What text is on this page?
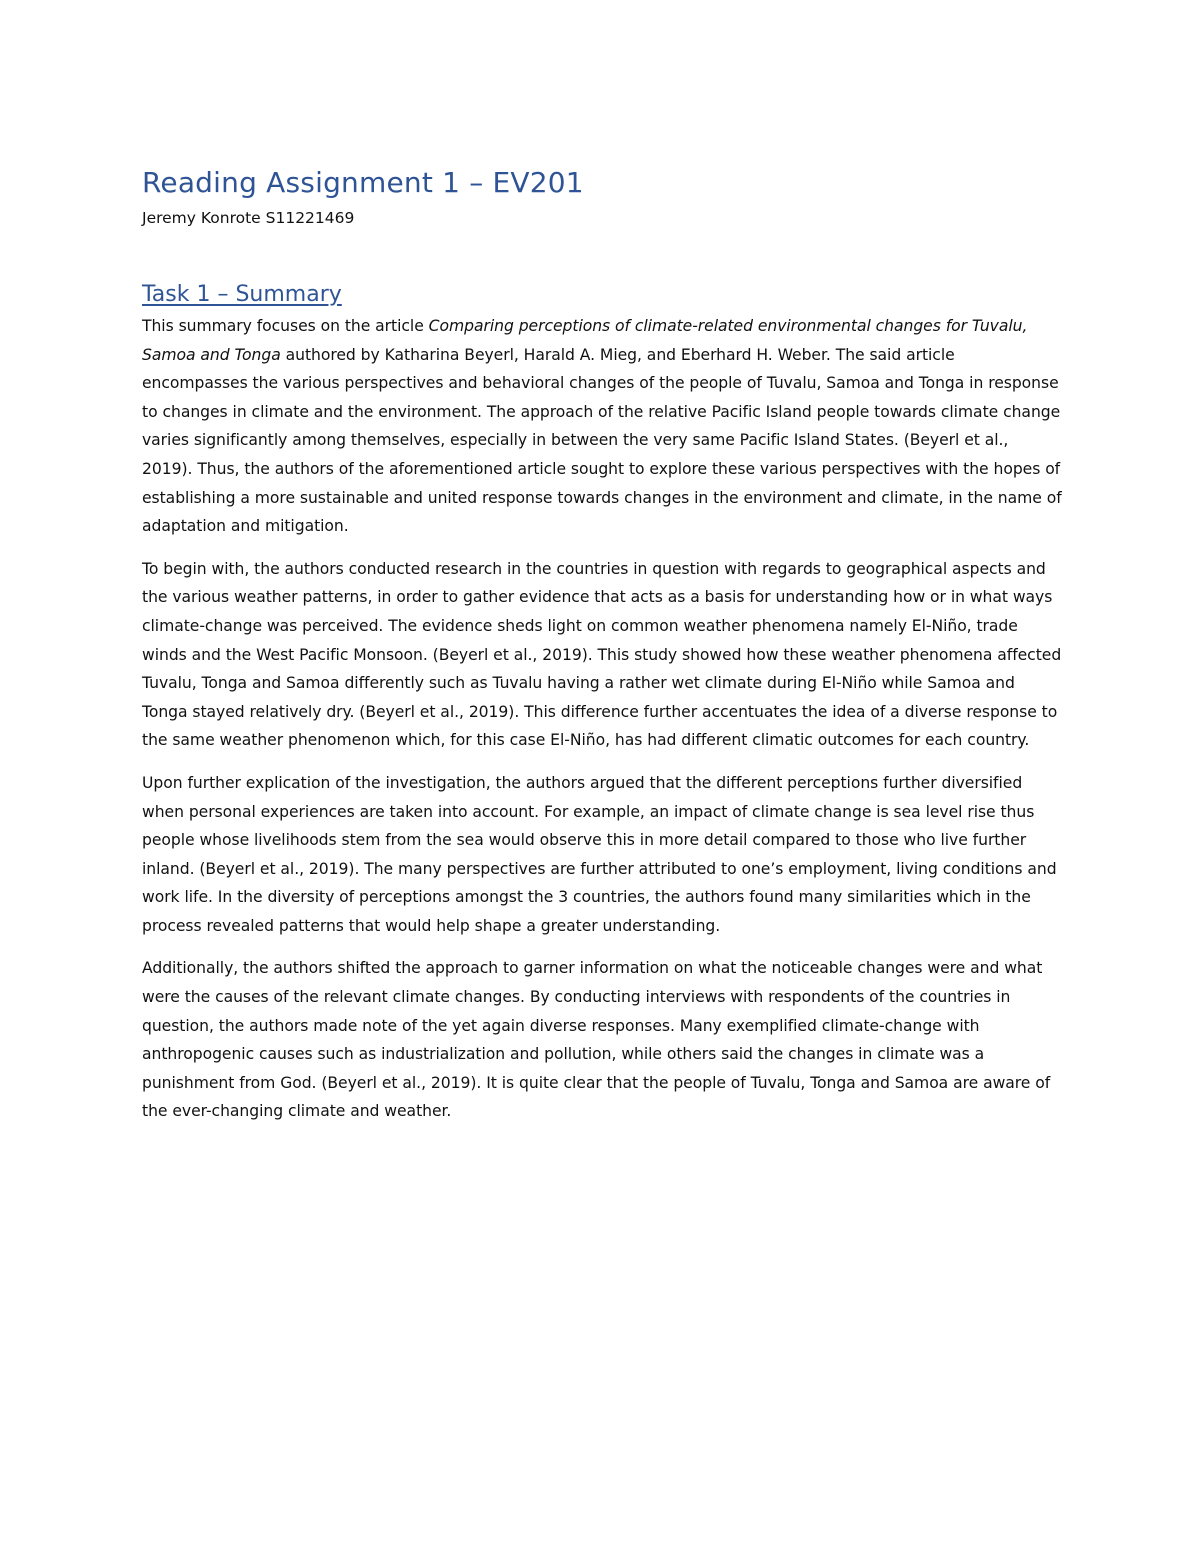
Reading Assignment 1 – EV201

Jeremy Konrote S11221469

Task 1 – Summary

This summary focuses on the article Comparing perceptions of climate-related environmental changes for Tuvalu, Samoa and Tonga authored by Katharina Beyerl, Harald A. Mieg, and Eberhard H. Weber. The said article encompasses the various perspectives and behavioral changes of the people of Tuvalu, Samoa and Tonga in response to changes in climate and the environment. The approach of the relative Pacific Island people towards climate change varies significantly among themselves, especially in between the very same Pacific Island States. (Beyerl et al., 2019). Thus, the authors of the aforementioned article sought to explore these various perspectives with the hopes of establishing a more sustainable and united response towards changes in the environment and climate, in the name of adaptation and mitigation.

To begin with, the authors conducted research in the countries in question with regards to geographical aspects and the various weather patterns, in order to gather evidence that acts as a basis for understanding how or in what ways climate-change was perceived. The evidence sheds light on common weather phenomena namely El-Niño, trade winds and the West Pacific Monsoon. (Beyerl et al., 2019). This study showed how these weather phenomena affected Tuvalu, Tonga and Samoa differently such as Tuvalu having a rather wet climate during El-Niño while Samoa and Tonga stayed relatively dry. (Beyerl et al., 2019). This difference further accentuates the idea of a diverse response to the same weather phenomenon which, for this case El-Niño, has had different climatic outcomes for each country.

Upon further explication of the investigation, the authors argued that the different perceptions further diversified when personal experiences are taken into account. For example, an impact of climate change is sea level rise thus people whose livelihoods stem from the sea would observe this in more detail compared to those who live further inland. (Beyerl et al., 2019). The many perspectives are further attributed to one’s employment, living conditions and work life. In the diversity of perceptions amongst the 3 countries, the authors found many similarities which in the process revealed patterns that would help shape a greater understanding.

Additionally, the authors shifted the approach to garner information on what the noticeable changes were and what were the causes of the relevant climate changes. By conducting interviews with respondents of the countries in question, the authors made note of the yet again diverse responses. Many exemplified climate-change with anthropogenic causes such as industrialization and pollution, while others said the changes in climate was a punishment from God. (Beyerl et al., 2019). It is quite clear that the people of Tuvalu, Tonga and Samoa are aware of the ever-changing climate and weather.
